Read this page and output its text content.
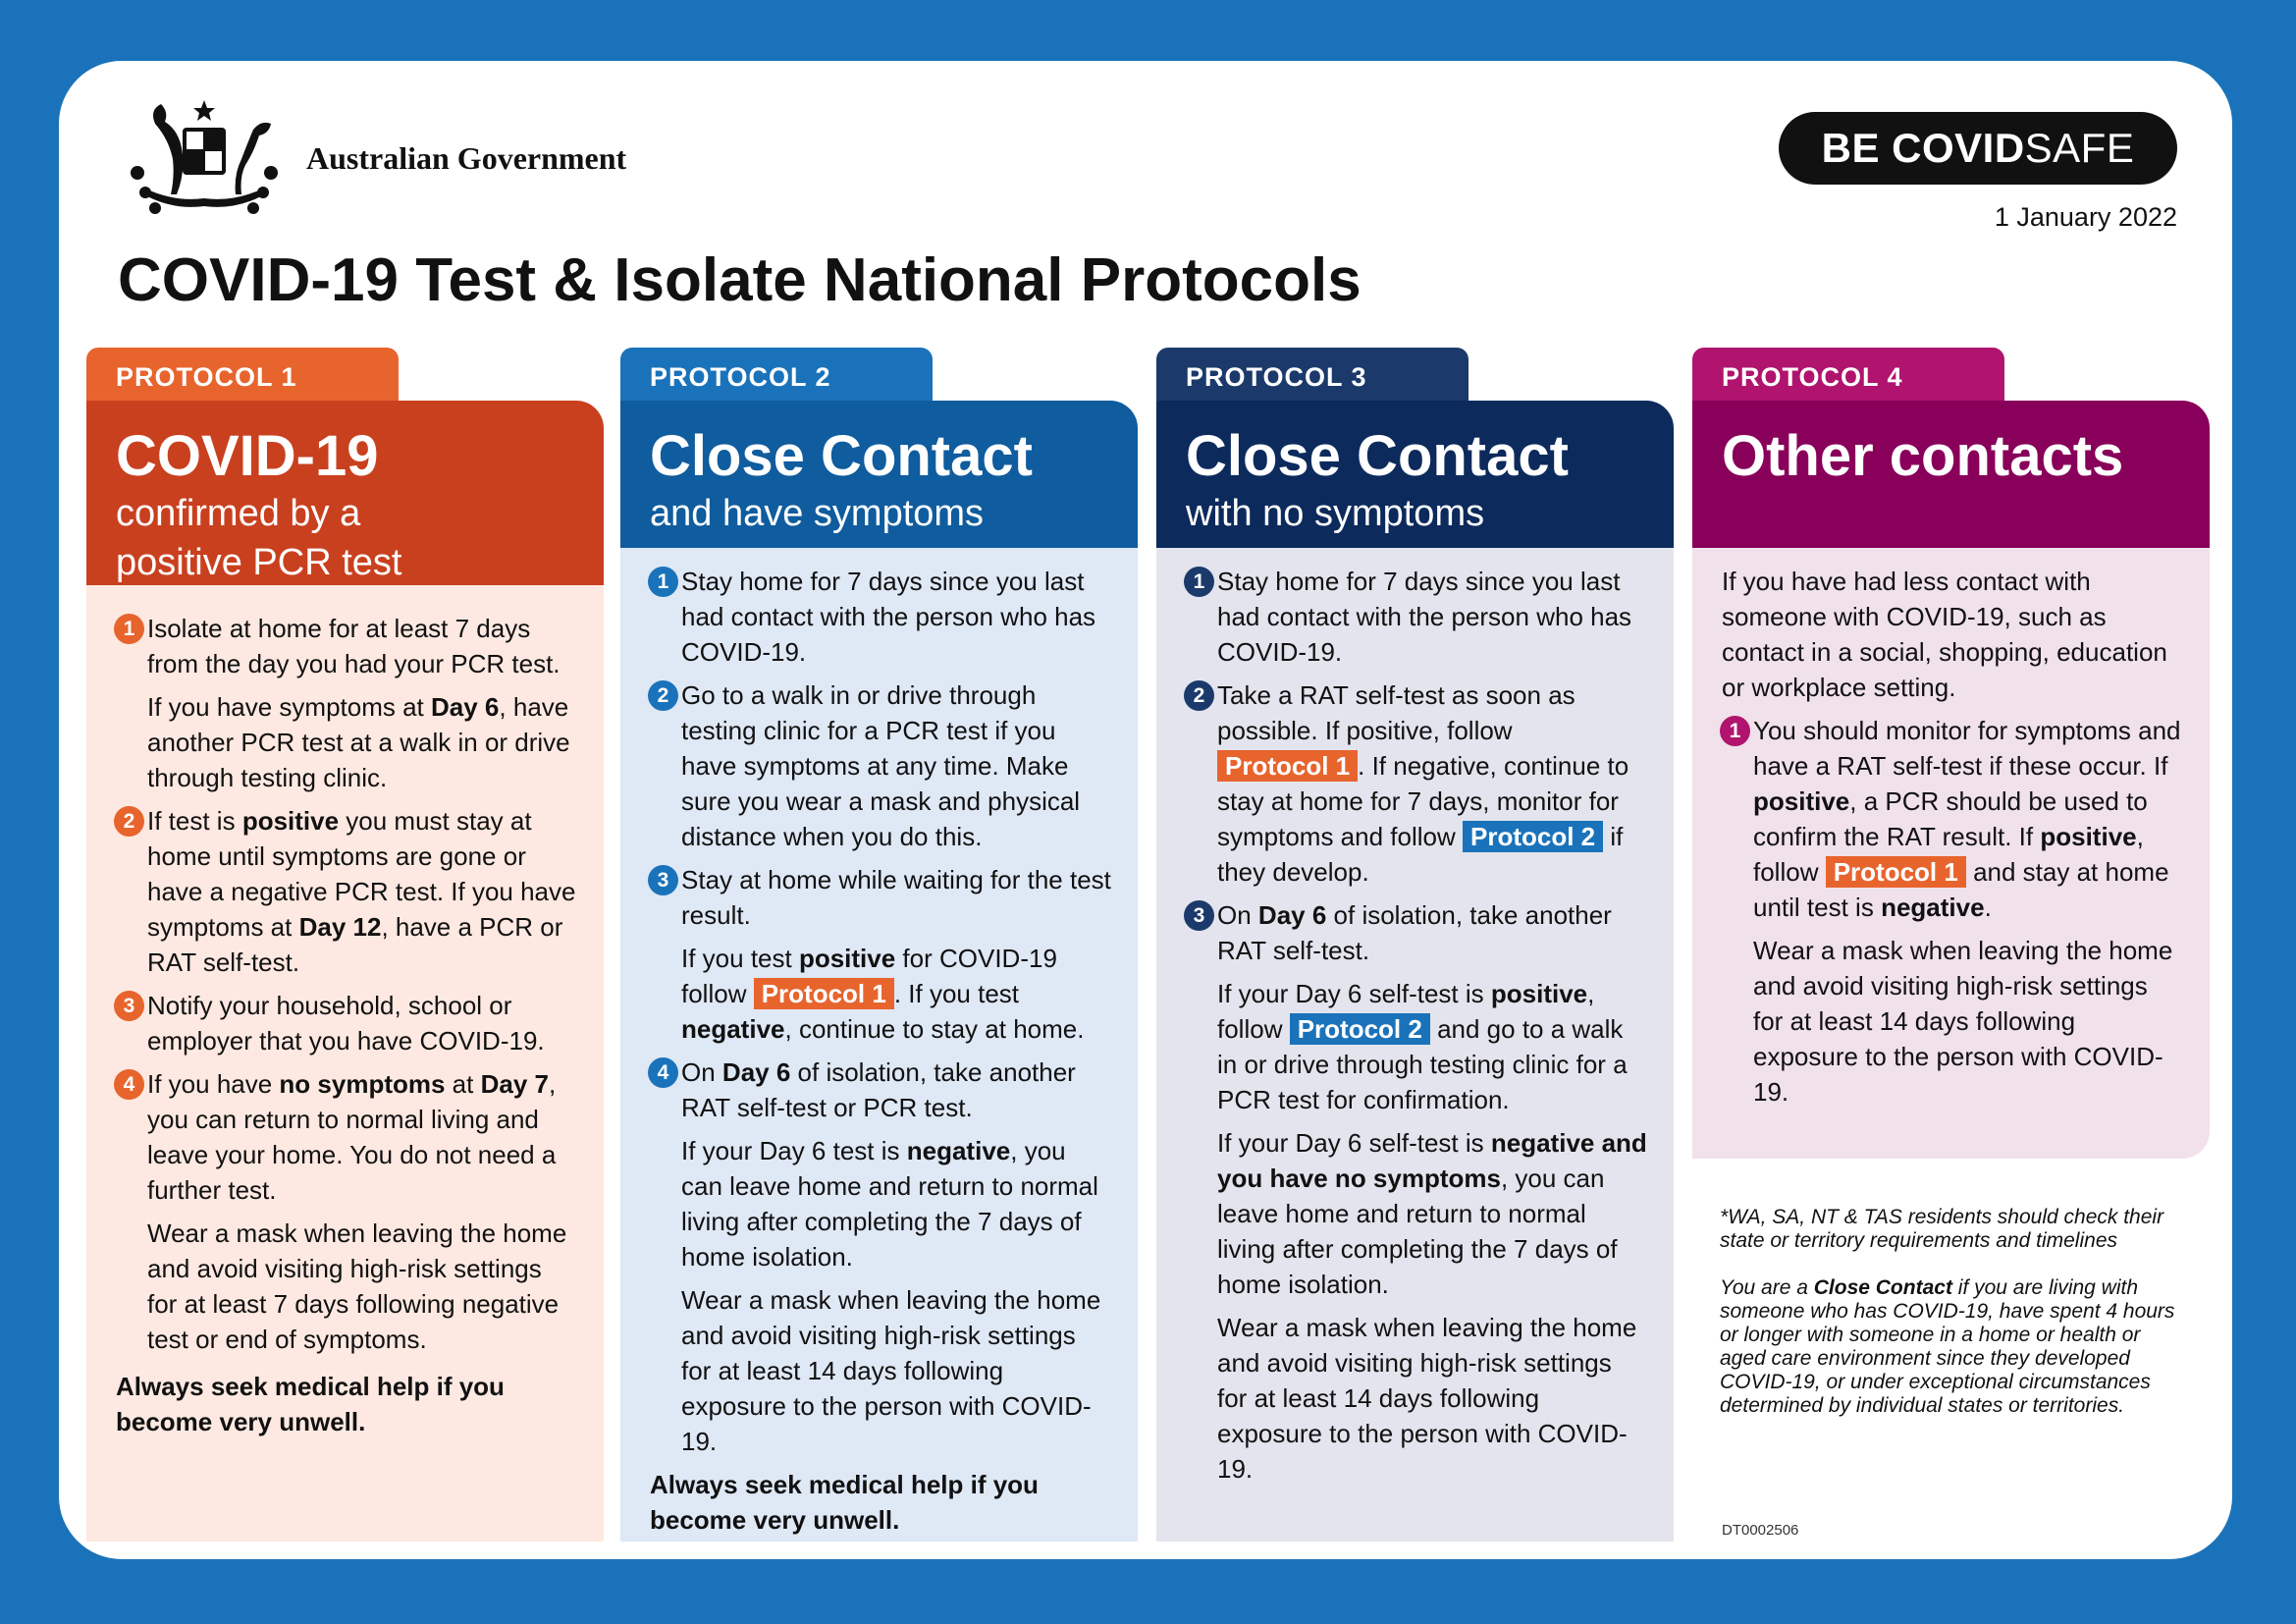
Australian Government	BE COVID SAFE
1 January 2022
COVID-19 Test & Isolate National Protocols
PROTOCOL 1
COVID-19
confirmed by a
positive PCR test
1 Isolate at home for at least 7 days from the day you had your PCR test.
If you have symptoms at Day 6, have another PCR test at a walk in or drive through testing clinic.
2 If test is positive you must stay at home until symptoms are gone or have a negative PCR test. If you have symptoms at Day 12, have a PCR or RAT self-test.
3 Notify your household, school or employer that you have COVID-19.
4 If you have no symptoms at Day 7, you can return to normal living and leave your home. You do not need a further test.
Wear a mask when leaving the home and avoid visiting high-risk settings for at least 7 days following negative test or end of symptoms.
Always seek medical help if you become very unwell.
PROTOCOL 2
Close Contact
and have symptoms
1 Stay home for 7 days since you last had contact with the person who has COVID-19.
2 Go to a walk in or drive through testing clinic for a PCR test if you have symptoms at any time. Make sure you wear a mask and physical distance when you do this.
3 Stay at home while waiting for the test result.
If you test positive for COVID-19 follow Protocol 1 . If you test negative, continue to stay at home.
4 On Day 6 of isolation, take another RAT self-test or PCR test.
If your Day 6 test is negative, you can leave home and return to normal living after completing the 7 days of home isolation.
Wear a mask when leaving the home and avoid visiting high-risk settings for at least 14 days following exposure to the person with COVID-19.
Always seek medical help if you become very unwell.
PROTOCOL 3
Close Contact
with no symptoms
1 Stay home for 7 days since you last had contact with the person who has COVID-19.
2 Take a RAT self-test as soon as possible. If positive, follow Protocol 1 . If negative, continue to stay at home for 7 days, monitor for symptoms and follow Protocol 2 if they develop.
3 On Day 6 of isolation, take another RAT self-test.
If your Day 6 self-test is positive, follow Protocol 2 and go to a walk in or drive through testing clinic for a PCR test for confirmation.
If your Day 6 self-test is negative and you have no symptoms, you can leave home and return to normal living after completing the 7 days of home isolation.
Wear a mask when leaving the home and avoid visiting high-risk settings for at least 14 days following exposure to the person with COVID-19.
PROTOCOL 4
Other contacts
If you have had less contact with someone with COVID-19, such as contact in a social, shopping, education or workplace setting.
1 You should monitor for symptoms and have a RAT self-test if these occur. If positive, a PCR should be used to confirm the RAT result. If positive, follow Protocol 1 and stay at home until test is negative.
Wear a mask when leaving the home and avoid visiting high-risk settings for at least 14 days following exposure to the person with COVID-19.

*WA, SA, NT & TAS residents should check their state or territory requirements and timelines

You are a Close Contact if you are living with someone who has COVID-19, have spent 4 hours or longer with someone in a home or health or aged care environment since they developed COVID-19, or under exceptional circumstances determined by individual states or territories.

DT0002506
